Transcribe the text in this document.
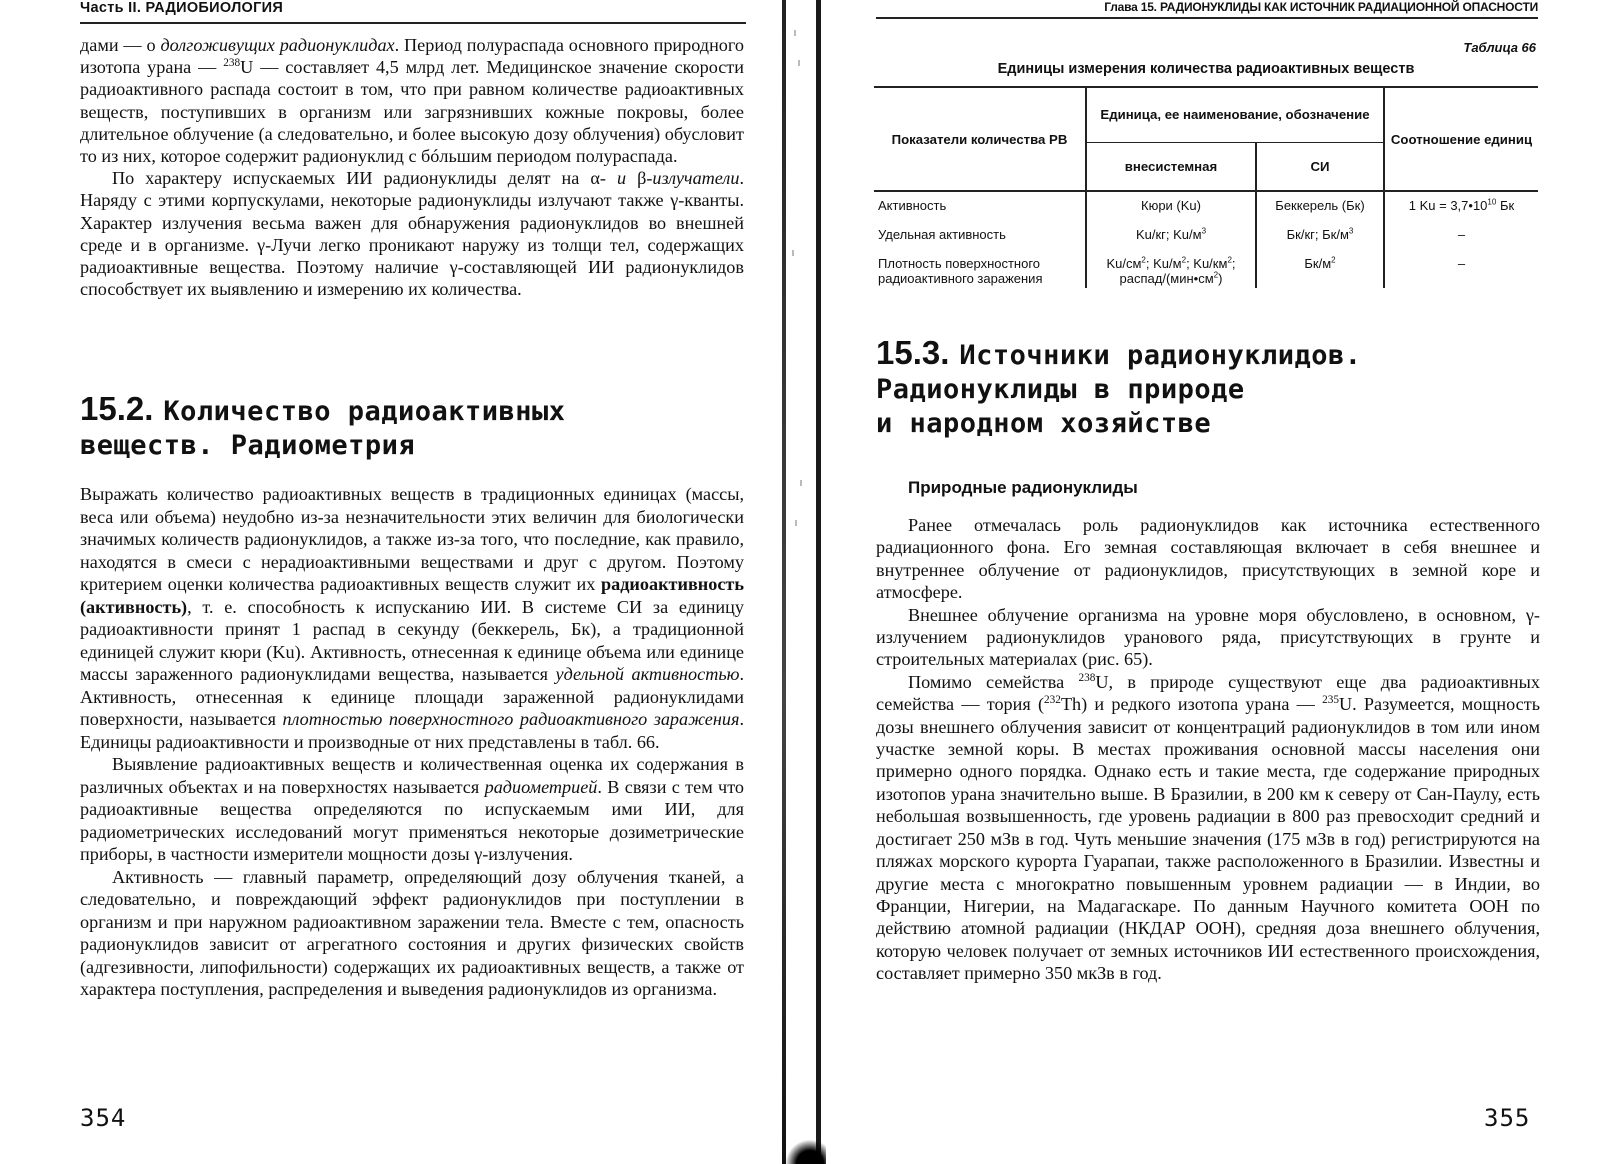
Часть II. РАДИОБИОЛОГИЯ

дами — о долгоживущих радионуклидах. Период полураспада основного природного изотопа урана — $^{238}$U — составляет 4,5 млрд лет. Медицинское значение скорости радиоактивного распада состоит в том, что при равном количестве радиоактивных веществ, поступивших в организм или загрязнивших кожные покровы, более длительное облучение (а следовательно, и более высокую дозу облучения) обусловит то из них, которое содержит радионуклид с бóльшим периодом полураспада.

По характеру испускаемых ИИ радионуклиды делят на α- и β-излучатели. Наряду с этими корпускулами, некоторые радионуклиды излучают также γ-кванты. Характер излучения весьма важен для обнаружения радионуклидов во внешней среде и в организме. γ-Лучи легко проникают наружу из толщи тел, содержащих радиоактивные вещества. Поэтому наличие γ-составляющей ИИ радионуклидов способствует их выявлению и измерению их количества.

15.2. Количество радиоактивных
веществ. Радиометрия

Выражать количество радиоактивных веществ в традиционных единицах (массы, веса или объема) неудобно из-за незначительности этих величин для биологически значимых количеств радионуклидов, а также из-за того, что последние, как правило, находятся в смеси с нерадиоактивными веществами и друг с другом. Поэтому критерием оценки количества радиоактивных веществ служит их радиоактивность (активность), т. е. способность к испусканию ИИ. В системе СИ за единицу радиоактивности принят 1 распад в секунду (беккерель, Бк), а традиционной единицей служит кюри (Ku). Активность, отнесенная к единице объема или единице массы зараженного радионуклидами вещества, называется удельной активностью. Активность, отнесенная к единице площади зараженной радионуклидами поверхности, называется плотностью поверхностного радиоактивного заражения. Единицы радиоактивности и производные от них представлены в табл. 66.

Выявление радиоактивных веществ и количественная оценка их содержания в различных объектах и на поверхностях называется радиометрией. В связи с тем что радиоактивные вещества определяются по испускаемым ими ИИ, для радиометрических исследований могут применяться некоторые дозиметрические приборы, в частности измерители мощности дозы γ-излучения.

Активность — главный параметр, определяющий дозу облучения тканей, а следовательно, и повреждающий эффект радионуклидов при поступлении в организм и при наружном радиоактивном заражении тела. Вместе с тем, опасность радионуклидов зависит от агрегатного состояния и других физических свойств (адгезивности, липофильности) содержащих их радиоактивных веществ, а также от характера поступления, распределения и выведения радионуклидов из организма.

354
Глава 15. РАДИОНУКЛИДЫ КАК ИСТОЧНИК РАДИАЦИОННОЙ ОПАСНОСТИ
Таблица 66
Единицы измерения количества радиоактивных веществ
Показатели количества РВ	Единица, ее наименование, обозначение		Соотношение единиц
	внесистемная	СИ	
Активность	Кюри (Ku)	Беккерель (Бк)	1 $Ku = 3,7•10^{10}$ Бк
Удельная активность	Ku/кг; $Ku/м^3$	Бк/кг; $Бк/м^3$	–
Плотность поверхностного радиоактивного заражения	$Ku/см^2$; $Ku/м^2$; $Ku/км^2$; распад/$(мин•см^2)$	$Бк/м^2$	–
15.3. Источники радионуклидов.
Радионуклиды в природе
и народном хозяйстве
Природные радионуклиды

Ранее отмечалась роль радионуклидов как источника естественного радиационного фона. Его земная составляющая включает в себя внешнее и внутреннее облучение от радионуклидов, присутствующих в земной коре и атмосфере.

Внешнее облучение организма на уровне моря обусловлено, в основном, γ-излучением радионуклидов уранового ряда, присутствующих в грунте и строительных материалах (рис. 65).

Помимо семейства $^{238}$U, в природе существуют еще два радиоактивных семейства — тория ($^{232}$Th) и редкого изотопа урана — $^{235}$U. Разумеется, мощность дозы внешнего облучения зависит от концентраций радионуклидов в том или ином участке земной коры. В местах проживания основной массы населения они примерно одного порядка. Однако есть и такие места, где содержание природных изотопов урана значительно выше. В Бразилии, в 200 км к северу от Сан-Паулу, есть небольшая возвышенность, где уровень радиации в 800 раз превосходит средний и достигает 250 мЗв в год. Чуть меньшие значения (175 мЗв в год) регистрируются на пляжах морского курорта Гуарапаи, также расположенного в Бразилии. Известны и другие места с многократно повышенным уровнем радиации — в Индии, во Франции, Нигерии, на Мадагаскаре. По данным Научного комитета ООН по действию атомной радиации (НКДАР ООН), средняя доза внешнего облучения, которую человек получает от земных источников ИИ естественного происхождения, составляет примерно 350 мкЗв в год.

355
